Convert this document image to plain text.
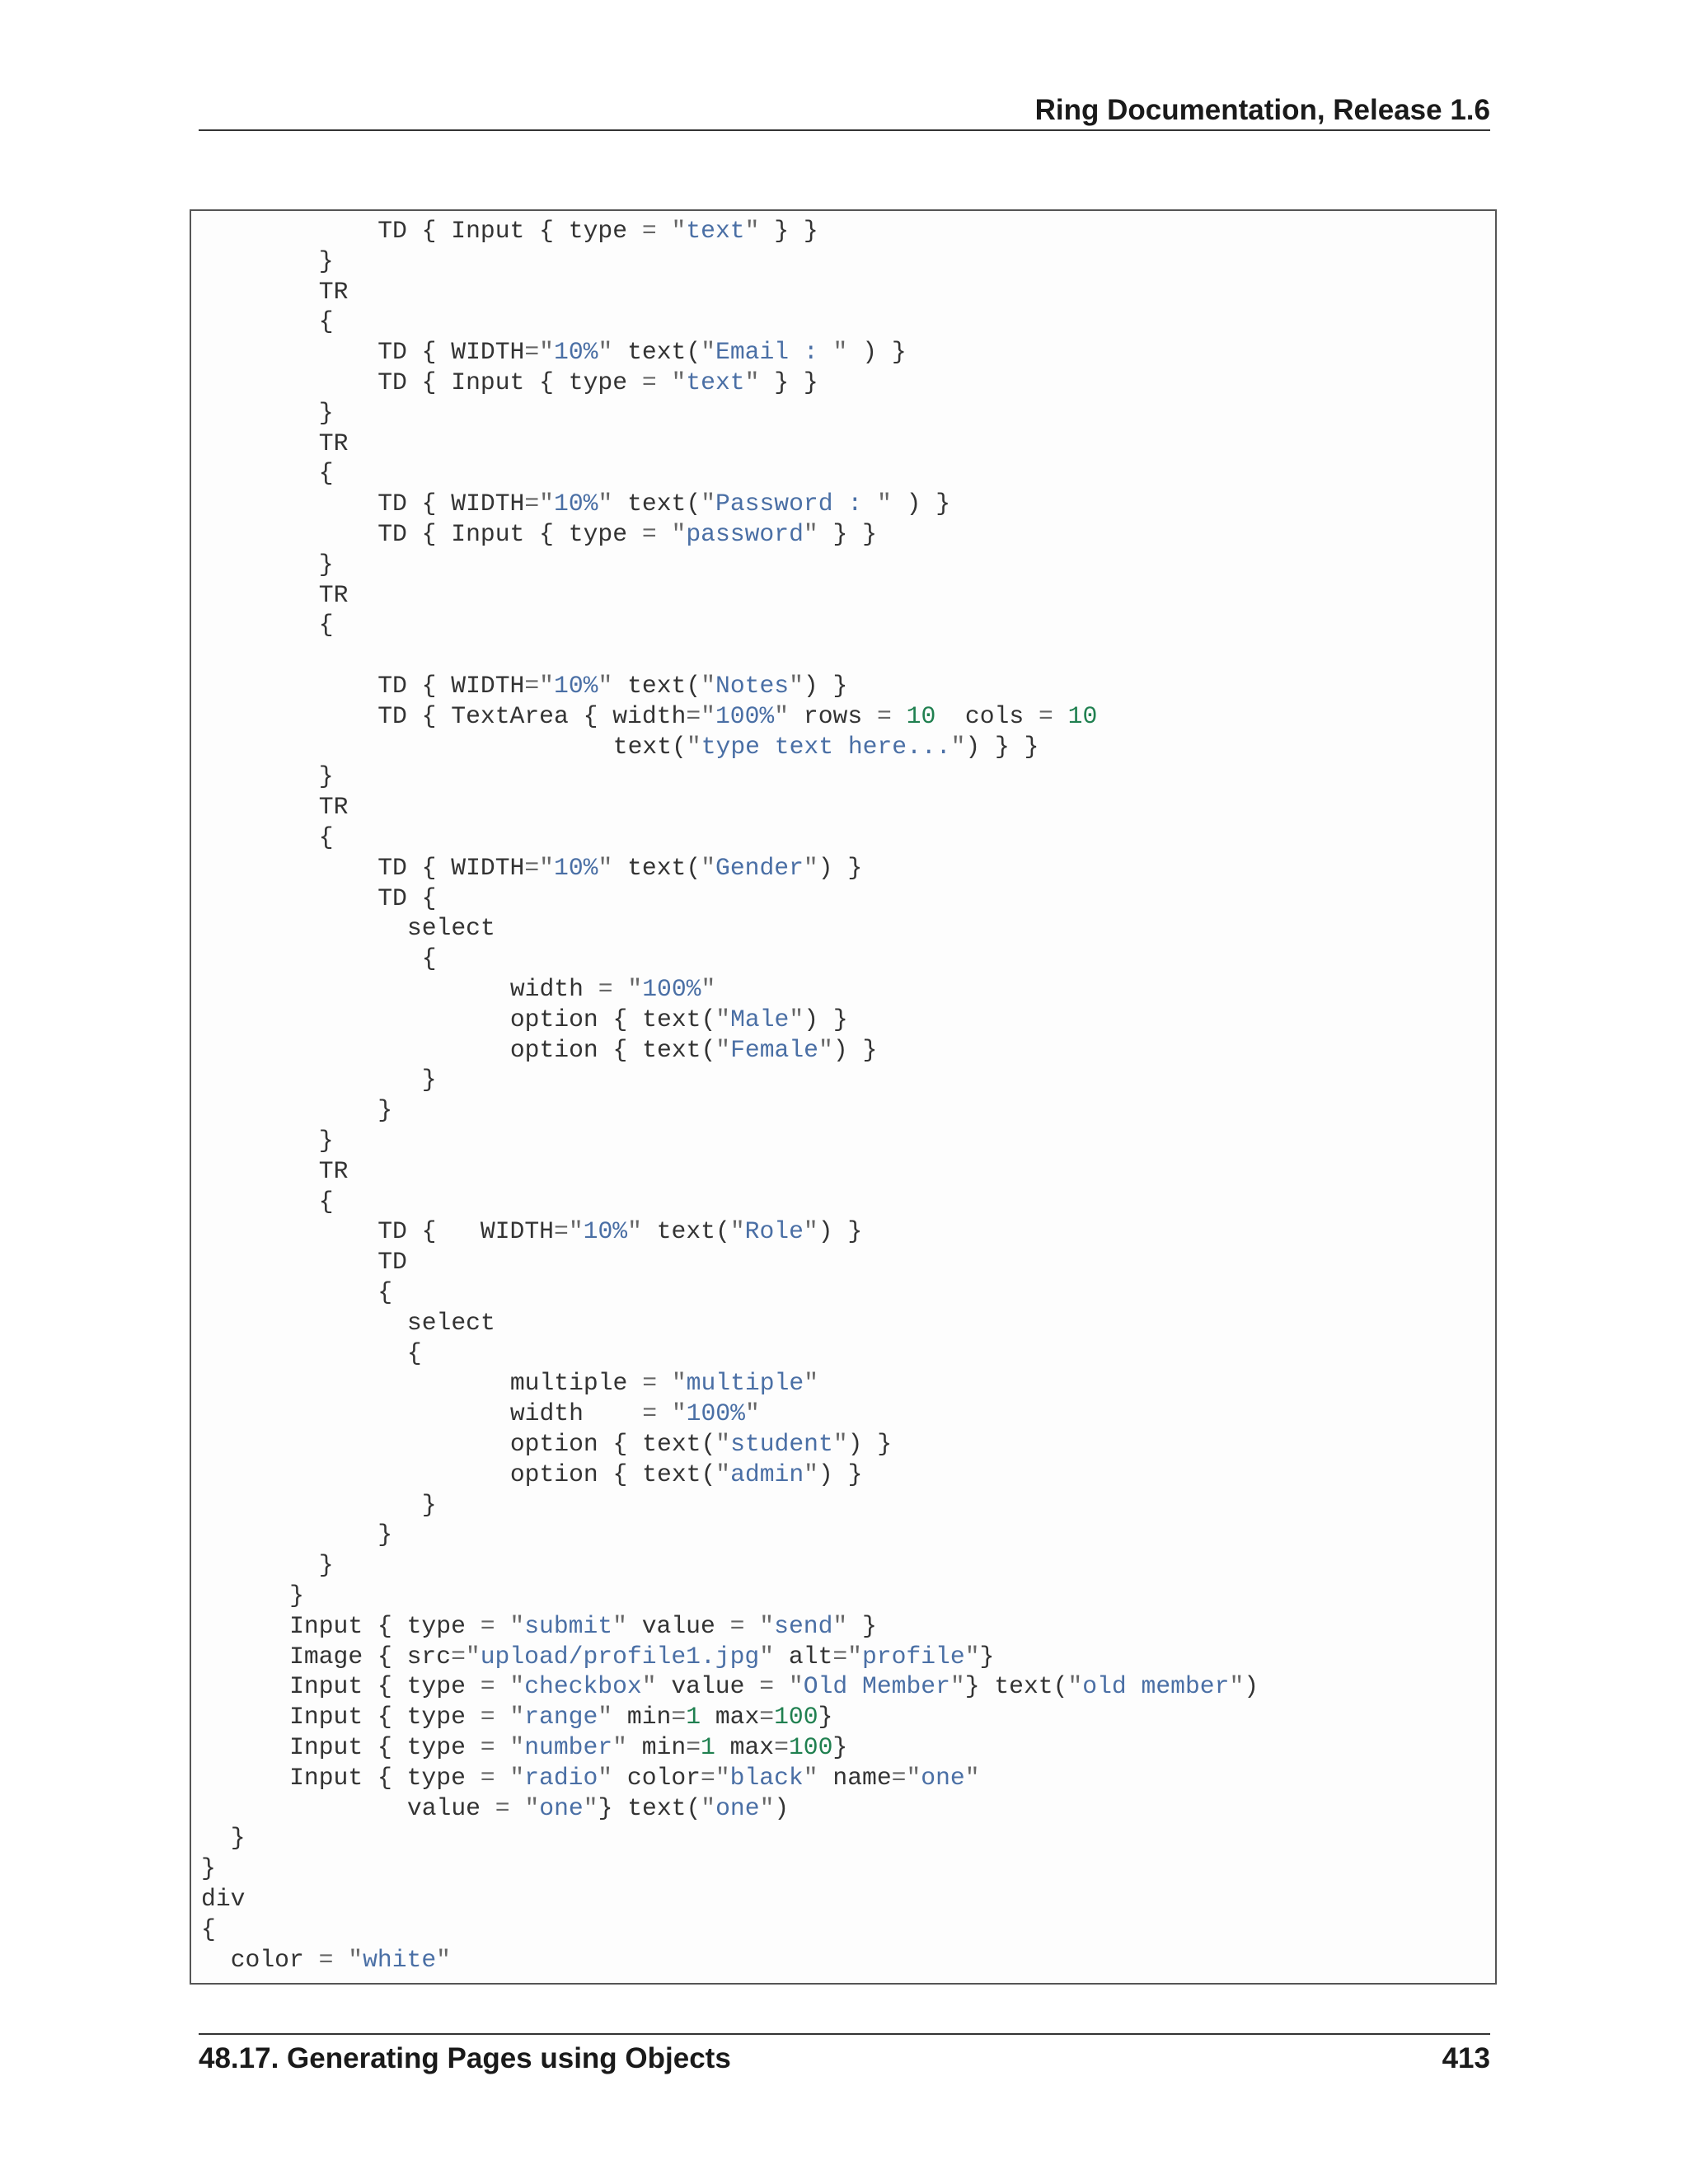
Ring Documentation, Release 1.6
TD { Input { type = "text" } }
}
TR
{
TD { WIDTH="10%" text("Email : " ) }
TD { Input { type = "text" } }
}
TR
{
TD { WIDTH="10%" text("Password : " ) }
TD { Input { type = "password" } }
}
TR
{
TD { WIDTH="10%" text("Notes") }
TD { TextArea { width="100%" rows = 10  cols = 10
text("type text here...") } }
}
TR
{
TD { WIDTH="10%" text("Gender") }
TD {
select
{
width = "100%"
option { text("Male") }
option { text("Female") }
}
}
}
TR
{
TD {   WIDTH="10%" text("Role") }
TD
{
select
{
multiple = "multiple"
width    = "100%"
option { text("student") }
option { text("admin") }
}
}
}
}
Input { type = "submit" value = "send" }
Image { src="upload/profile1.jpg" alt="profile"}
Input { type = "checkbox" value = "Old Member"} text("old member")
Input { type = "range" min=1 max=100}
Input { type = "number" min=1 max=100}
Input { type = "radio" color="black" name="one"
value = "one"} text("one")
}
}
div
{
color = "white"
48.17. Generating Pages using Objects	413
